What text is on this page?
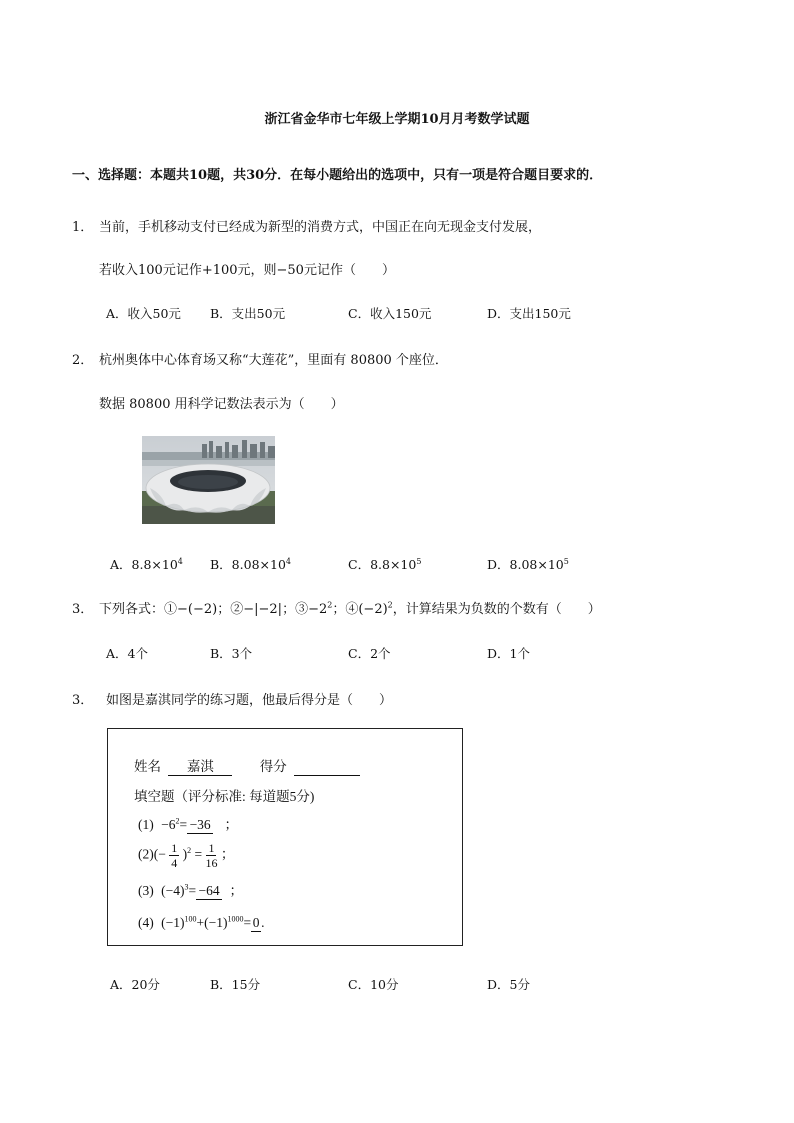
浙江省金华市七年级上学期10月月考数学试题
一、选择题：本题共10题，共30分．在每小题给出的选项中，只有一项是符合题目要求的．
1． 当前，手机移动支付已经成为新型的消费方式，中国正在向无现金支付发展，
若收入100元记作+100元，则−50元记作（　　）
A．收入50元 B．支出50元	C．收入150元	D．支出150元
2． 杭州奥体中心体育场又称“大莲花”，里面有 80800 个座位．
数据 80800 用科学记数法表示为（　　）
A．$8.8\times 10^4$ B．$8.08\times 10^4$	C．$8.8\times 10^5$	D．$8.08\times 10^5$
3． 下列各式：①−(−2)；②−|−2|；$③-2^2$；$④(-2)^2$，计算结果为负数的个数有（　　）
A．4个	B．3个	C．2个	D．1个
3． 如图是嘉淇同学的练习题，他最后得分是（　　）
姓名 嘉淇	得分
填空题（评分标准: 每道题5分)
$(1) -6^2= -36$ ；
$(2)(- \frac{1}{4} )^2 = \frac{1}{16}$ ；
(3) $(-4)^3= -64$ ；
(4) $(-1)^{100}+(-1)^{1000}= 0$ .
A．20分	B．15分	C．10分	D．5分
